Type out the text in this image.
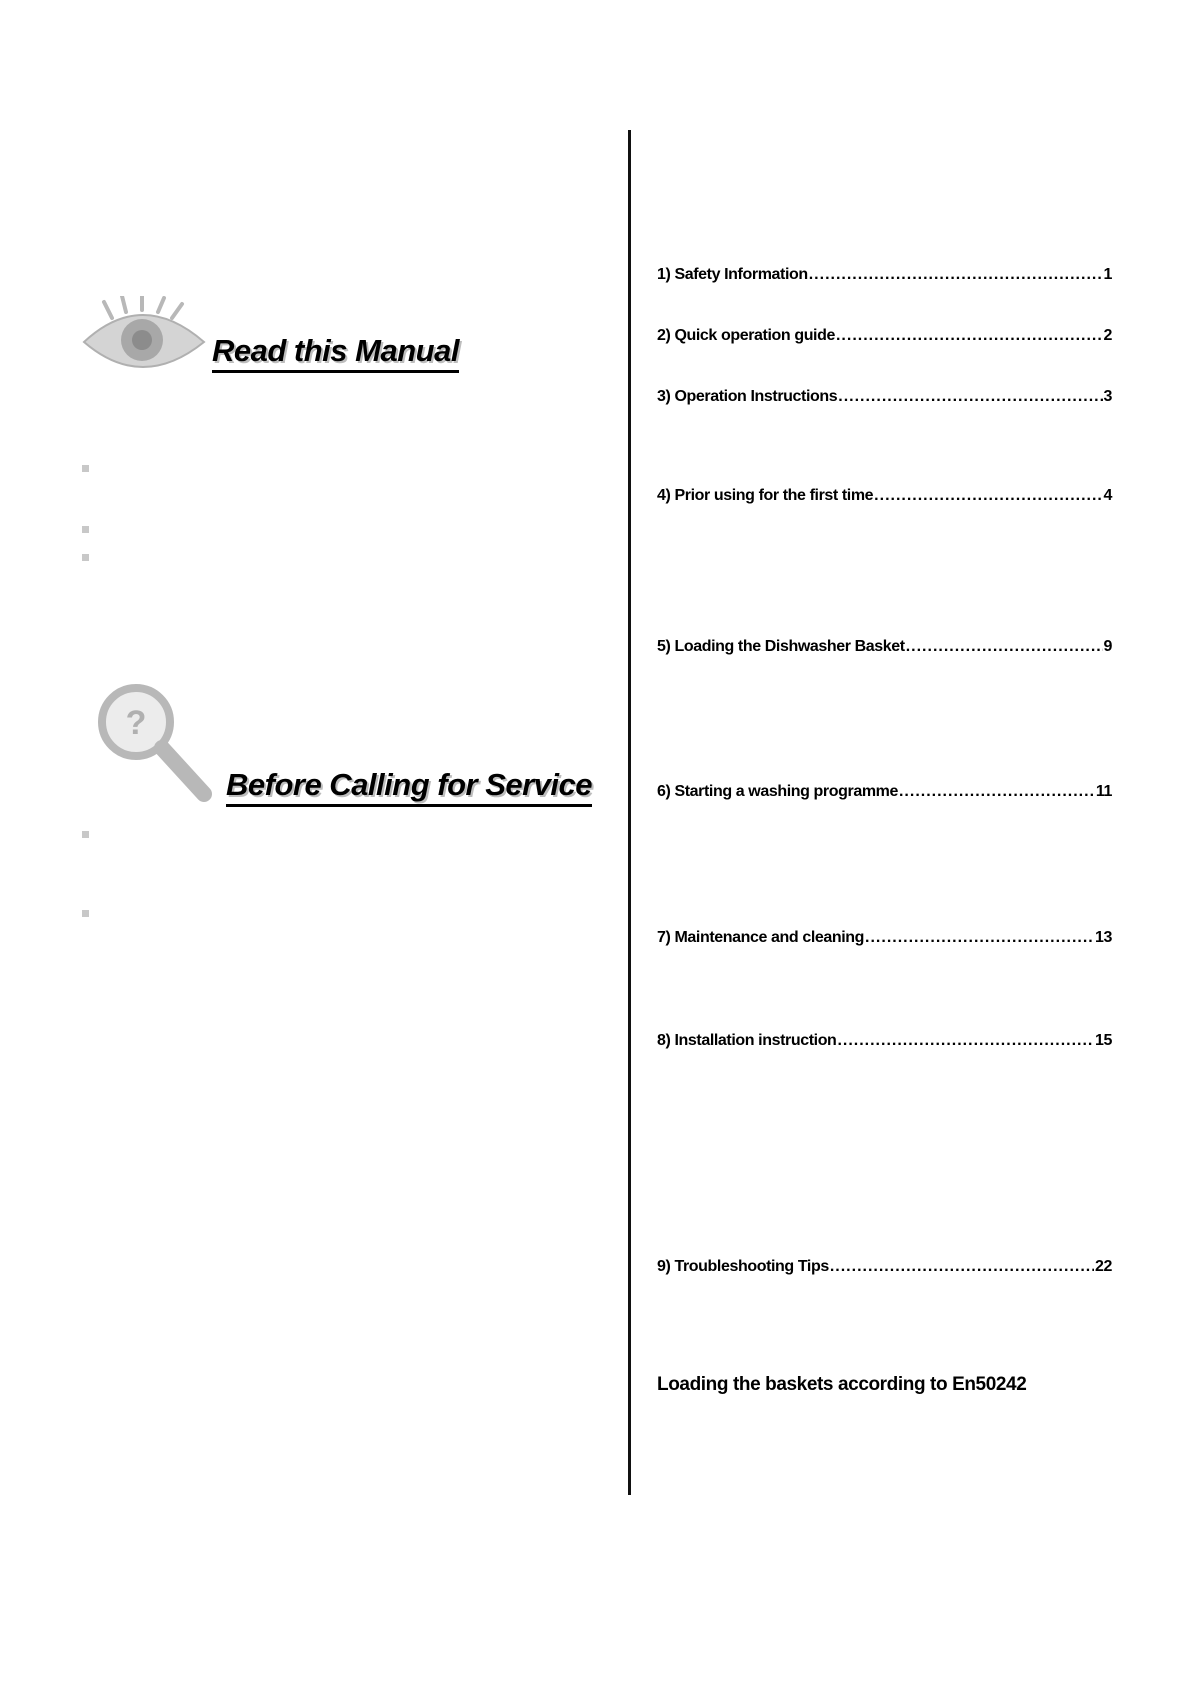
Read this Manual
?
Before Calling for Service
1) Safety Information .....	1
2) Quick operation guide .....	2
3) Operation Instructions .....	3
4) Prior using for the first time .....	4
5) Loading the Dishwasher Basket .....	9
6) Starting a washing programme .....	11
7) Maintenance and cleaning .....	13
8) Installation instruction .....	15
9) Troubleshooting Tips .....	22
Loading the baskets according to En50242
